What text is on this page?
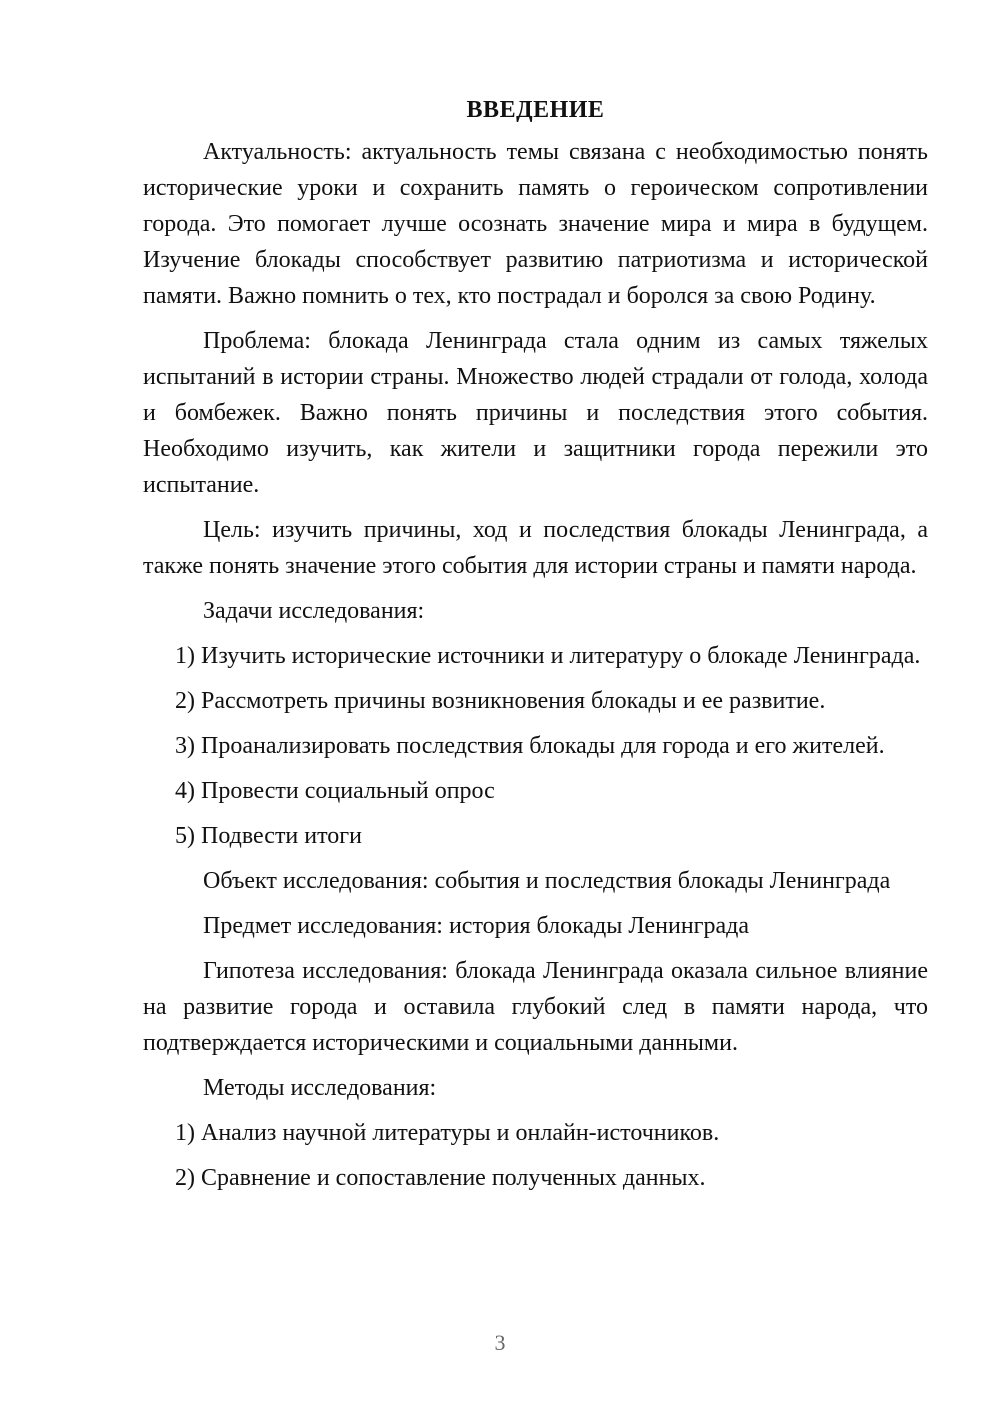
ВВЕДЕНИЕ

Актуальность: актуальность темы связана с необходимостью понять исторические уроки и сохранить память о героическом сопротивлении города. Это помогает лучше осознать значение мира и мира в будущем. Изучение блокады способствует развитию патриотизма и исторической памяти. Важно помнить о тех, кто пострадал и боролся за свою Родину.

Проблема: блокада Ленинграда стала одним из самых тяжелых испытаний в истории страны. Множество людей страдали от голода, холода и бомбежек. Важно понять причины и последствия этого события. Необходимо изучить, как жители и защитники города пережили это испытание.

Цель: изучить причины, ход и последствия блокады Ленинграда, а также понять значение этого события для истории страны и памяти народа.

Задачи исследования:

1) Изучить исторические источники и литературу о блокаде Ленинграда.

2) Рассмотреть причины возникновения блокады и ее развитие.

3) Проанализировать последствия блокады для города и его жителей.

4) Провести социальный опрос

5) Подвести итоги

Объект исследования: события и последствия блокады Ленинграда

Предмет исследования: история блокады Ленинграда

Гипотеза исследования: блокада Ленинграда оказала сильное влияние на развитие города и оставила глубокий след в памяти народа, что подтверждается историческими и социальными данными.

Методы исследования:

1) Анализ научной литературы и онлайн-источников.

2) Сравнение и сопоставление полученных данных.

3
